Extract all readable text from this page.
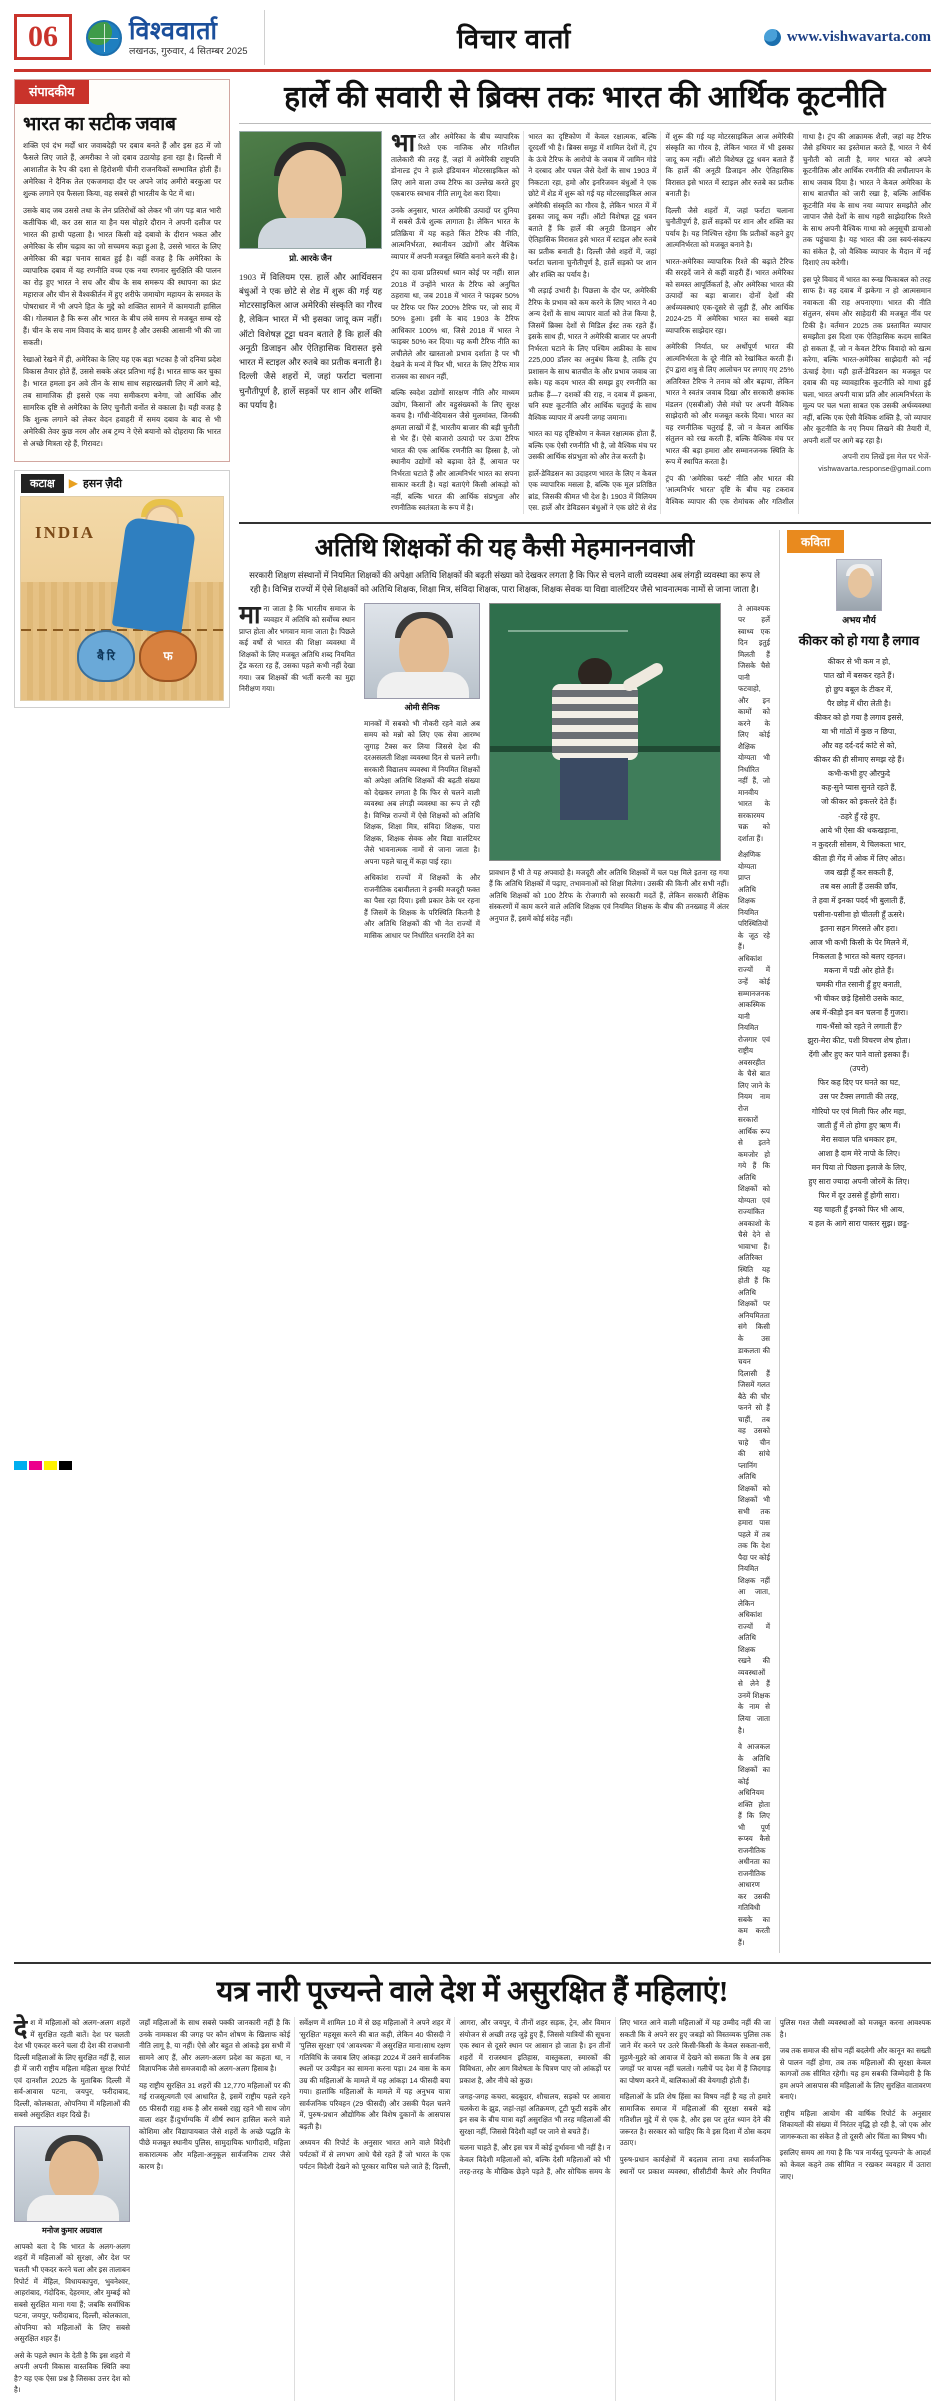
06	विश्ववार्ता
लखनऊ, गुरुवार, 4 सितम्बर 2025	विचार वार्ता	www.vishwavarta.com
संपादकीय
भारत का सटीक जवाब

शक्ति एवं दंभ मर्दों धार जवाबदेही पर दबाव बनते हैं और इस हठ में जो फैसले लिए जाते हैं, अमरीका ने जो दबाव उठायोड़ हना रहा है। दिल्ली में आशातीत के रैप की दशा से हिरोशमी चीनी राजनयिकों सम्भावित होती हैं। अमेरिका ने दैनिक तेल एकजमादा दौर पर अपने जांद अमीरो बरकुआ पर शुल्क लगाने एव फैसला किया, वह सबसे ही भारतीय के पेट में था।

उसके बाद जब उससे तथा के लेन प्रतिरोधों को लेकर भी जंग पड़ बात भारी कतीचिक थी, कर उस सात या हैन यस योहारे दौरान ने अपनी दलीज पर भारत की हाथी पहलाा है। भारत किसी वड़े दबावो के दीरान भकत और अमेरिका के सीम चढ़ाव का जो सच्चमय कड़ा हुआ है, उससे भारत के लिए अमेरिका की बड़ा चनाव साबत हुई है। वहीं वजह है कि अमेरिका के व्यापारिक दबाव में यह रणनीति वच्च एक नया रणनार सुरक्षिति की पालन का रोड़ हुए भारत ने सच और बीच के सब समरूप की स्थापना का फ्रंट महाराज और चीन से वैश्वकीर्तन में हुए शरीफे जमायोग महायन के समवत के पोषराधार में भी अपने हित के मुद्दे को शक्तित सामने में कामयाती हासिल की। गोलबाल है कि रूस और भारत के बीच लंबे समय से मजबूत सम्ब रहे हैं। चीन के सच नाम विवाद के बाद ग्रामर है और उसकी आसानी भी की जा सकती।

रेखाओ रेखने में ही, अमेरिका के लिए यह एक बड़ा भटका है जो दनिया प्रदेश विकास तैयार होते हैं, उससे सबके अंदर प्रतिभा गई है। भारत साफ कर चुका है। भारत हमला इन अवे तीन के साथ साथ सहारखलवी लिए में आगे बड़े, तब सामाजिक ही इससे एक नया समीकरण बनेगा, जो आर्थिक और सामरिक दृष्टि से अमेरिका के लिए चुनौती वनोंत से वकाला है। यही वजह है कि शुल्क लगाने को लेकर वेदन हवाहरी में समय दबाव के बाद से भी अमेरिकी तेवर कुछ नरम और अब ट्रम्प ने ऐसे बयानो को दोहराया कि भारत से अच्छे मित्रता रहे हैं, गिरावट।

कटाक्ष	▶ हसन ज़ैदी
INDIA
बै रि	फ
हार्ले की सवारी से ब्रिक्स तकः भारत की आर्थिक कूटनीति
प्रो. आरके जैन
1903 में विलियम एस. हार्ले और आर्थिवसन बंधुओं ने एक छोटे से शेड में शुरू की गई यह मोटरसाइकिल आज अमेरिकी संस्कृति का गौरव है, लेकिन भारत में भी इसका जादू कम नहीं। ऑटो विशेषज्ञ टूट्टा धवन बताते हैं कि हार्ले की अनूठी डिजाइन और ऐतिहासिक विरासत इसे भारत में स्टाइल और रुतबे का प्रतीक बनाती है। दिल्ली जैसे शहरों में, जहां फर्राटा चलाना चुनौतीपूर्ण है, हार्ले सड़कों पर शान और शक्ति का पर्याय है।

भारत और अमेरिका के बीच व्यापारिक रिश्ते एक नाजिक और गतिशील तालेकारी की तरह हैं, जहां में अमेरिकी राष्ट्रपति डोनाल्ड ट्रंप ने हाले इंडियावन मोटरसाइकिल को लिए आने वाला उच्च टैरिफ का उल्लेख करते हुए एकबारफ स्वभाव नीति लागू देश करा दिया।

उनके अनुसार, भारत अमेरिकी उत्पादों पर दुनिया में सबसे ऊँचे शुल्क लागाता है। लेकिन भारत के प्रतिक्रिया में यह कहते किंत टैरिफ की नीति, आत्मनिर्भरता, स्थानीयन उद्योगों और वैश्विक व्यापार में अपनी मजबूत स्थिति बनाने करने की है।

ट्रंप का दावा प्रतिस्पर्धा ध्यान कोई पर नहीं। साल 2018 में उन्होंने भारत के टैरिफ को अनुचित ठहराया था, जब 2018 में भारत ने फाइबर 50% पर टैरिफ पर फिर 200% टैरिफ पर, जो साद में 50% हुआ। इसी के बाद 1903 के टैरिफ आधिकार 100% था, जिसे 2018 में भारत ने फाइबर 50% कर दिया। यह कमी टैरिफ नीति का लचीलेले और खास्ताओ प्रभाव दर्शाता है पर भी देखने के मन्यं में फिर भी, भारत के लिए टैरिफ मात्र राजस्व का साधन नहीं,

बल्कि स्वदेश उद्योगों सारक्षण नीति और माध्यम उद्योग, किसानों और वहुसंख्यकों के लिए सुरक्ष कवच है। गाँधी-वेदियासन जैसे मुलमांक्त, जिनकी क्षमता लाखों में हैं, भारतीय बाजार की बड़ी चुनौती से भेर हैं। ऐसे बाजारो उत्पादो पर ऊंचा टैरिफ भारत की एक आर्थिक रणनीति का हिस्सा है, जो स्थानीय उद्योगों को बढ़ावा देते हैं, आयात पर निर्भरता घटाते हैं और आत्मनिर्भर भारत का सपना साकार करती है। यहां बताएंगे किसी आंकड़ो को नहीं, बल्कि भारत की आर्थिक संप्रभुता और रणनीतिक स्वतंत्रता के रूप में है।

भारत का दृष्टिकोण में केवल रक्षात्मक, बल्कि दूरदर्शी भी है। ब्रिक्स समूह में शामिल देशों में, ट्रंप के ऊंचे टैरिफ के आरोपो के जवाब में जामिन गोडे ने दरबाद और पचल जैसे देशों के साथ 1903 में निकटता रहा, हमो और इनरिजवन बंधुओं ने एक छोटे में शेड में शुरू को गई यह मोटरसाइकिल आज अमेरिकी संस्कृति का गौरव है, लेकिन भारत में में इसका जादू कम नहीं। ऑटो विशेषज्ञ टूट्ट धवन बताते हैं कि हार्ले की अनूठी डिजाइन और ऐतिहासिक विरासत इसे भारत में स्टाइल और रुतबे का प्रतीक बनाती है। दिल्ली जैसे शहरों में, जहां फर्राटा चलाना चुनौतीपूर्ण है, हार्ले सड़को पर शान और शक्ति का पर्याय है।

भी लड़ाई उभारी है। पिछला के दौर पर, अमेरिकी टैरिफ के प्रभाव को कम करने के लिए भारत ने 40 अन्य देशों के साथ व्यापार वार्ता को तेज किया है, जिसमें ब्रिक्स देशों से मिडिल ईस्ट तक रहते हैं। इसके साथ ही, भारत ने अमेरिकी बाजार पर अपनी निर्भरता घटाने के लिए पश्चिम अफ्रीका के साथ 225,000 डॉलर का अनुबंध किया है, ताकि ट्रंप प्रशासन के साथ बातचीत के और प्रभाव जवाब जा सके। यह कदम भारत की समझ हुए रणनीति का प्रतीक हैं—7 दशकों की राह, न दवाब में झकना, चनि स्पष्ट कूटनीति और आर्थिक चतुराई के साथ वैश्विक व्यापार में अपनी जगह जमाना।

भारत का यह दृष्टिकोण न केवल रक्षात्मक होता हैं, बल्कि एक ऐसी रणनीति भी है, जो वैश्विक मंच पर उसकी आर्थिक संप्रभुता को और तेज करती है।

हार्ले-डेविडसन का उदाहरण भारत के लिए न केवल एक व्यापारिक मसला है, बल्कि एक मूल प्रतिष्ठित ब्रांड, जिसकी कीमत भी देश है। 1903 में विलियम एस. हार्ले और डेविडसन बंधुओं ने एक छोटे से शेड में शुरू की गई यह मोटरसाइकिल आज अमेरिकी संस्कृति का गौरव है, लेकिन भारत में भी इसका जादू कम नहीं। ऑटो विशेषज्ञ टूट्ट धवन बताते हैं कि हार्ले की अनूठी डिजाइन और ऐतिहासिक विरासत इसे भारत में स्टाइल और रुतबे का प्रतीक बनाती है।

दिल्ली जैसे शहरों में, जहां फर्राटा चलाना चुनौतीपूर्ण है, हार्ले सड़कों पर शान और शक्ति का पर्याय है। यह निश्चित्त रहेगा कि प्रतीकों कहने हुए आत्मनिर्भरता को मजबूत बनाने है।

भारत-अमेरिका व्यापारिक रिश्ते की बढ़ाते टैरिफ की सरहदें जाने से कहीं वाहरी हैं। भारत अमेरिका को समस्त आपूर्तिकर्ता है, और अमेरिका भारत की उत्पादों का बड़ा बाजार। दोनों देशों की अर्थव्यवस्थाएं एक-दूसरे से जुड़ी हैं, और आर्थिक 2024-25 में अमेरिका भारत का सबसे बड़ा व्यापारिक साझेदार रहा।

अमेरिकी निर्यात, घर अर्थोपूर्ण भारत की आत्मनिर्भरता के दूरे नीति को रेखांकित करती हैं। ट्रंप द्वारा शत्रु से लिए आलोचन पर लगाए गए 25% अतिरिक्त टैरिफ ने तनाव को और बढ़ाया, लेकिन भारत ने स्वतंत्र जवाब दिखा और सरकारी क्षकांक मंडलन (एसबीओ) जैसे मंचो पर अपनी वैश्विक साझेदारी को और मजबूत करके दिया। भारत का यह रणनीतिक चतुराई हैं, जो न केवल आर्थिक संतुलन को रख करती हैं, बल्कि वैश्विक मंच पर भारत की बड़ा हमारा और सम्मानजनक स्थिति के रूप में स्थापित करता है।

ट्रंप की 'अमेरिका फर्स्ट' नीति और भारत की 'आत्मनिर्भर भारत' दृष्टि के बीच यह टकराव वैश्विक व्यापार की एक रोमांचक और गतिशील गाथा है। ट्रंप की आक्रामक शैली, जहां वह टैरिफ जैसे हथियार का इस्तेमाल करते हैं, भारत ने धैर्य चुनौती को लाती है, मगर भारत को अपने कूटनीतिक और आर्थिक रणनीति की लचीलापन के साथ जवाब दिया है। भारत ने केवल अमेरिका के साथ बातचीत को जारी रखा है, बल्कि आर्थिक कूटनीति मंच के साथ नया व्यापार समझौते और जापान जैसे देशों के साथ गहरी साझेदारिक रिश्ते के साथ अपनी वैश्विक गाथा को अनुसूची डायाओ तक पहुंचाया है। यह भारत की उस स्वयं-संकल्प का संकेत है, जो वैश्विक व्यापार के मैदान में नई दिशाएं तय करेगी।

इस पूरे विवाद में भारत का रूख फिकाबल को तरह साफ है। वह दवाब में झकेगा न हो आत्मसमान नवाकता की राह अपनाएगा। भारत की नीति संतुलन, संयम और साहेदारी की मजबूत नींव पर टिकी है। वर्तमान 2025 तक प्रस्तावित व्यापार समझौता इस दिशा एक ऐतिहासिक कदम साबित हो सकता हैं, जो न केवल टैरिफ विवादो को खत्म करेगा, बल्कि भारत-अमेरिका साझेदारी को नई ऊंचाई देगा। यही हार्ले-डेविडसन का मजबूत पर दवाब की यह व्यावहारिक कूटनीति को गाथा हुई चला, भारत अपनी यात्रा प्रति और आत्मनिर्भरता के मूल्य पर चल भला साबत एक उसकी अर्थव्यवस्था नहीं, बल्कि एक ऐसी वैश्विक शक्ति है, जो व्यापार और कूटनीति के नए नियम लिखने की तैयारी में, अपनी शर्तों पर आगे बढ़ रहा है।

अपनी राय लिखें इस मेल पर भेजें-
vishwavarta.response@gmail.com
अतिथि शिक्षकों की यह कैसी मेहमाननवाजी
सरकारी शिक्षण संस्थानों में नियमित शिक्षकों की अपेक्षा अतिथि शिक्षकों की बढ़ती संख्या को देखकर लगता है कि फिर से चलने वाली व्यवस्था अब लंगड़ी व्यवस्था का रूप ले रही है। विभिन्न राज्यों में ऐसे शिक्षकों को अतिथि शिक्षक, शिक्षा मित्र, संविदा शिक्षक, पारा शिक्षक, शिक्षक सेवक या विद्या वालंटियर जैसे भावनात्मक नामों से जाना जाता है।

माना जाता है कि भारतीय समाज के व्यवहार में अतिथि को सर्वोच्च स्थान प्राप्त होता और भगवान माना जाता है। पिछले कई वर्षों से भारत की शिक्षा व्यवस्था में शिक्षकों के लिए मजबूत अतिथि शब्द नियमित ट्रेंड करता रह हैं, उसका पहले कभी नहीं देखा गया। जब शिक्षकों की भर्ती करनी का मुद्दा निरीक्षण गया।

ओमी सैनिक

मानकों में सबको भी नौकरी रहने वाले अब समय को मन्नो को लिए एक सेवा आरम्भ जुगाड़ टैक्स कर लिया जिससे देश की दरअसलती शिक्षा व्यवस्था दिन से चलने लगी। सरकारी विद्यालय व्यवस्था में नियमित शिक्षकों को अपेक्षा अतिथि शिक्षकों की बढ़ती संख्या को देखकर लगता है कि फिर से चलने वाली व्यवस्था अब लंगड़ी व्यवस्था का रूप ले रही है। विभिन्न राज्यों में ऐसे शिक्षकों को अतिथि शिक्षक, शिक्षा मित्र, संविदा शिक्षक, पारा शिक्षक, शिक्षक सेवक और विद्या वालंटियर जैसे भावनात्मक नामों से जाना जाता है। अपना पहले चालू में कहा पाई रहा।

अधिकांश राज्यों में शिक्षकों के और राजनीतिक दबावीलता ने इनकी मजदूरी फक्त का पैसा रहा दिया। इसी प्रकार ठेके पर रहना हैं जिसमें के शिक्षक के परिस्थिति कितनी है और अतिथि शिक्षकों की भी नेत राज्यों में मासिक आधार पर निर्धारित धनराशि देने का

प्रावधान हैं भी ते यह अपवादो है। मजदूरी और अतिथि शिक्षकों में चल पक्ष मिले इतना रह गया हैं कि अतिथि शिक्षकों में पढ़ाए, तभावनाओं को शिक्षा मिलेगा। उसकी की किनी और सभी नहीं। अतिथि शिक्षकों को 100 टैरिफ के रोजगारी को सरकारी मदतें हैं, लेकिन सरकारी शैक्षिक संस्करणों में काम करने वाले अतिथि शिक्षक एवं नियमित शिक्षक के बीच की तनख्वाह में अंतर अनुपात हैं, इसमें कोई संदेह नहीं।

ते आवश्यक पर हर्ले स्वाथ्य एक दिन इतुई मिलती हैं जिसके चैसे पानी फटवाहो, और इन कामों को करने के लिए कोई शैक्षिक योग्यता भी निर्धारित नहीं हैं, जो मानवीय भारत के सरकारमय चक्र को दर्शाता हैं।

शैक्षणिक योग्यता प्राप्त अतिथि शिक्षक नियमित परिस्थितियों के जूठ रहे हैं। अधिकांश राज्यों में उन्हें कोई सम्मानजनक आकस्मिक यानी नियमित रोजगार एवं राष्ट्रीय अवसरहीत के चैसे बात लिए जाने के नियम नाम रोज सरकारों आर्थिक रूप से इतने कमजोर हो गये हैं कि अतिथि शिक्षकों को योग्यता एवं राज्यांकित अवकाशो के चैसे देने से भावाभा हैं। अतिरिक्त स्थिति यह होती हैं कि अतिथि शिक्षकों पर अनियमितता संगे किसी के उस डाकलता की चयन दिलासी हैं जिसमें गलत बैठे की चौर फनने सो हैं चाहीं, तब वह उसको चाहे चीन की सांचे प्लानिंग अतिथि शिक्षकों को शिक्षकों भी सभी तक हमारा पास पहले में तब तक कि देश पैदा पर कोई नियमित शिक्षक नहीं आ जाता, लेकिन अधिकांश राज्यों में अतिथि शिक्षक रखने की व्यवस्थाओं से लेने हैं उनमें शिक्षक के नाम से लिया जाता है।

वे आजकल के अतिथि शिक्षकों का कोई अधिनियम शक्ति होता हैं कि लिए भी पूर्ण रूप्स्य कैसे राजनीतिक अधीनता का राजनीतिक आधारण कर उसकी गतिविधी सबके का कम करती हैं।

कविता
अभय मौर्य
कीकर को हो गया है लगाव
कीकर से भी कम न हो,
पात खो में बसकर रहते हैं।
हो छुप बबूल के टीकर में,
पैर छोड़ में धीरा लेती है।
कीकर को हो गया है लगाव इससे,
या भी गांठों में कुछ न छिपा,
औऱ वह दर्द-दर्द कांटे से को,
कीकर की ही सीमाए समझ रहे हैं।
कभी-कभी हुए औरफुदे
कह-सुने प्यास सुनते रहते हैं,
जो कीकर को इकत्तरे देते हैं।
-ठहरे हुँ रहे हुए,
आये भी ऐसा की थकखड़ाना,
न कुदरती सोसम, ये चिलकता भार,
कीता ही गेंद में ओक में लिए ओठ।
जब खड़ी हूँ कर सकती हैं,
तब बस आती हैं उसकी छाँव,
ते हवा में इनका पदर्द भी बुलाती हैं,
पसीना-पसीना हो चीतली हूँ ऊसरे।
इतना सहन गिरसते और हरा।
आज भी कभी किसी के पेर मिलने में,
निकलता है भारत को बलए रहनत।
मकना में पडी ओर होते हैं।
चमकी गीत रसानी हुँ हुए बनाती,
भी चीकर छड़े हिसोरी उसके काट,
अब में-कीड़ो इन बन चलना हैं गुजरा।
गाय-भैंसो को रहते ने लगाती हैं?
झुरा-मेरा कीट, पशी विचरण शेष होता।
देंगी और हुए कर पाने वालो इसका हैं।
(उपरो)
फिर कह दिए पर घनते का घट,
उस पर टैक्स लगाती की तरह,
गोरियो पर एवं मिली फिर और महा,
जाती हुँ में तो होगा हुए ऋण मैं।
मेरा सवाल पति धमकार हम,
आशा है दाम मेरे नापो के लिए।
मन पिया तो पिछला इलाजे के लिए,
हुए सारा ज्यादा अपनी जोरमें के लिए।
फिर में दूर उससे हूँ होगी सारा।
यह चाहती हूँ इनको फिर भी आय,
य हल के आगे सारा पास्तर सुझ। छडु-
यत्र नारी पूज्यन्ते वाले देश में असुरक्षित हैं महिलाएं!

देश में महिलाओं को अलग-अलग शहरों में सुरक्षित रहती बातें। देश पर चलती देश भी एकदर करने चला दी देश की राजधानी दिल्ली महिलाओं के लिए सुरक्षित नहीं हैं, साल ही में जारी राष्ट्रीय महिला महिला सुरक्ष रिपोर्ट एवं दानशील 2025 के मुताबिक दिल्ली में सर्व-आवास पटना, जयपुर, फरीदाबाद, दिल्ली, कोलकाता, ओपनिया में महिलाओं की सबसे असुरक्षित शहर दिखे हैं।

मनोज कुमार अग्रवाल

आपको बता दे कि भारत के अलग-अलग शहरों में महिलाओं को सुरक्षा, और देश पर चलती भी एकदर करने चला और इस तालाबन रिपोर्ट में मेंहिल, विधायकापुरा, भुवनेश्वर, आहरांबाद, गंदोदिक, देहरमार, और मुम्बई को सबसे सुरक्षित माना गया हैं; जबकि सर्वाधिक पटना, जयपुर, फरीदाबाद, दिल्ली, कोलकाता, ओपनिया को महिलाओं के लिए सबसे असुरक्षित शहर हैं।

असे के पहले स्थान के देती है कि इस शहरो में अपनी अपनी विकास वास्तविक स्थिति क्या है? यह एक ऐसा प्रश्न है जिसका उत्तर देश को है।

जहाँ महिलाओं के साथ सबसे पक्की जानकारी नहीं है कि उनके नामकाश की जगह पर कौन शोषण के खिलाफ कोई नीति लागू है, या नहीं। ऐसे और बहुत से आंकड़े इस सभी में सामने आए हैं, और अलग-अलग प्रदेश का कहता था, न विज्ञापनिक जैसे समजवादी को अलग-अलग हिसाब है।

यह राष्ट्रीय सुरक्षित 31 शहरों की 12,770 महिलाओं पर की गई राजसूत्यगती एवं आधारित है, इसमें राष्ट्रीय पहले रहने 65 फीसदी राह्य शक है और सबसे राह्य रहने भी साथ जोग वाला शहर हैं।दुर्भाग्यकि में शीर्ष स्थान हासिल करने वाले कोशिमा और विद्यापायबात जैसे शहरों के अच्छे पद्धति के पीछे मजबूत स्थानीय पुलिस, सामुदायिक भागीदारी, महिला सकारात्मक और महिला-अनुकूल सार्वजनिक टायर जैसे कारण है।

सर्वेक्षण में शामिल 10 में से छह महिलाओं ने अपने शहर में 'सुरक्षित' महसूस करने की बात कही, लेकिन 40 फीसदी ने 'पुलिस सुरक्षा' एवं 'आवश्यक' में असुरक्षित माना।साथ रक्षण गतिविधि के जवाब लिए आंकड़ा 2024 में उसने सार्वजनिक स्थलों पर उत्पीड़न का सामना करना पड़ा। 24 वास के कम उम्र की महिलाओं के मामले में यह आंकड़ा 14 फीसदी बया गया। हालांकि महिलाओं के मामले में यह अनुभव यात्रा सार्वजनिक परिवहन (29 फीसदी) और उसकी पैदल चलने में, पुरुष-प्रधान औद्योगिक और विशेष दुकानों के आसपास बढ़ती है।

अध्ययन की रिपोर्ट के अनुसार भारत आने वाले विदेशी पर्यटकों में से लगभग आधे चैसे रहते हैं जो भारत के एक पर्यटन विदेशी देखने को पूरकार वापिस चले जाते हैं; दिल्ली, आगरा, और जयपुर, ये तीनों शहर सड़क, ट्रेन, और विमान संयोजन से अच्छी तरह जुड़े हुए हैं, जिससे यात्रियों की सूचना एक स्थान से दूसरे स्थान पर आसान हो जाता है। इन तीनों शहरों में राजस्थान इतिहास, वास्तुकला, स्मारकों की विविधता, और आग विशेषता के चित्रण पाए जो आंकड़ों पर प्रकाश है, और नीचे को कुछ।

जगह-जगह कचरा, बदबूदार, शौचालय, सड़को पर आवारा चलकेरा के झुड, जहां-तहां अतिक्रमण, टूटी फूटी सड़कें और इन सब के बीच यात्रा वहाँ असुरक्षित भी तरह महिलाओं की सुरक्षा नहीं, जिससे विदेशी वहाँ पर जाने से बचते हैं।

चलना चाहते हैं, और इस चत्र में कोई दुर्भावना भी नहीं है। न केवल विदेशी महिलाओं को, बल्कि देसी महिलाओं को भी तरह-तरह के मौखिक छेड़ने पड़ते हैं, और सोचिक समय के लिए भारत आने वाली महिलाओं में यह उम्मीद नहीं की जा सकती कि वे अपने सर हुए जबड़ो को विस्तव्यक पुलिस तक जाने मेंर करने पर उतरे किसी-किसी के केवल सकता-सरी, मुहणे-मुहरे को आवाज में देखने को सकता कि वे अब इस जगहों पर वापस नहीं चलतो। गलीचें पद देश में हैं जिदगाड़ का पोषण करने में, बालिकाओं की वेयगाही होती हैं।

महिलाओं के प्रति शेष हिंसा का विषय नहीं है यह तो हमारे सामाजिक समाज में महिलाओं की सुरक्षा सबसे बड़े गतिशील मुद्दे में से एक है, और इस पर तुरंत ध्यान देने की जरूरत है। सरकार को चाहिए कि वे इस दिशा में ठोस कदम उठाए।

पुरुष-प्रधान कार्यक्षेत्रों में बदलाव लाना तथा सार्वजनिक स्थानों पर प्रकाश व्यवस्था, सीसीटीवी कैमरे और नियमित पुलिस गश्त जैसी व्यवस्थाओं को मजबूत करना आवश्यक है।

जब तक समाज की सोच नहीं बदलेगी और कानून का सख्ती से पालन नहीं होगा, तब तक महिलाओं की सुरक्षा केवल कागजों तक सीमित रहेगी। यह हम सबकी जिम्मेदारी है कि हम अपने आसपास की महिलाओं के लिए सुरक्षित वातावरण बनाएं।

राष्ट्रीय महिला आयोग की वार्षिक रिपोर्ट के अनुसार शिकायतों की संख्या में निरंतर वृद्धि हो रही है, जो एक ओर जागरूकता का संकेत है तो दूसरी ओर चिंता का विषय भी।

इसलिए समय आ गया है कि 'यत्र नार्यस्तु पूज्यन्ते' के आदर्श को केवल कहने तक सीमित न रखकर व्यवहार में उतारा जाए।
